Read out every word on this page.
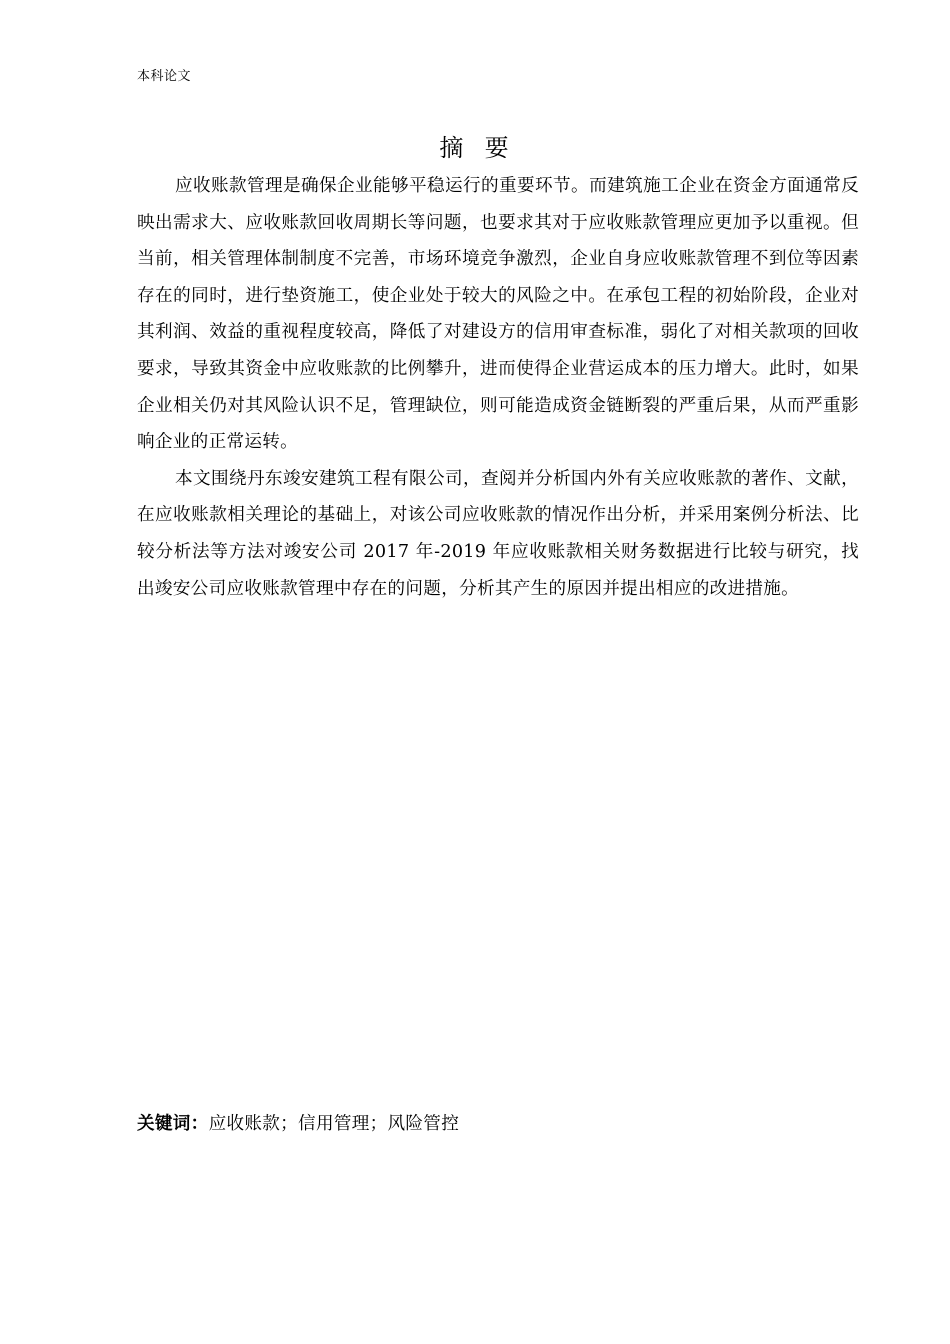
本科论文
摘  要

应收账款管理是确保企业能够平稳运行的重要环节。而建筑施工企业在资金方面通常反映出需求大、应收账款回收周期长等问题，也要求其对于应收账款管理应更加予以重视。但当前，相关管理体制制度不完善，市场环境竞争激烈，企业自身应收账款管理不到位等因素存在的同时，进行垫资施工，使企业处于较大的风险之中。在承包工程的初始阶段，企业对其利润、效益的重视程度较高，降低了对建设方的信用审查标准，弱化了对相关款项的回收要求，导致其资金中应收账款的比例攀升，进而使得企业营运成本的压力增大。此时，如果企业相关仍对其风险认识不足，管理缺位，则可能造成资金链断裂的严重后果，从而严重影响企业的正常运转。

本文围绕丹东竣安建筑工程有限公司，查阅并分析国内外有关应收账款的著作、文献，在应收账款相关理论的基础上，对该公司应收账款的情况作出分析，并采用案例分析法、比较分析法等方法对竣安公司 2017 年-2019 年应收账款相关财务数据进行比较与研究，找出竣安公司应收账款管理中存在的问题，分析其产生的原因并提出相应的改进措施。

关键词：应收账款；信用管理；风险管控
